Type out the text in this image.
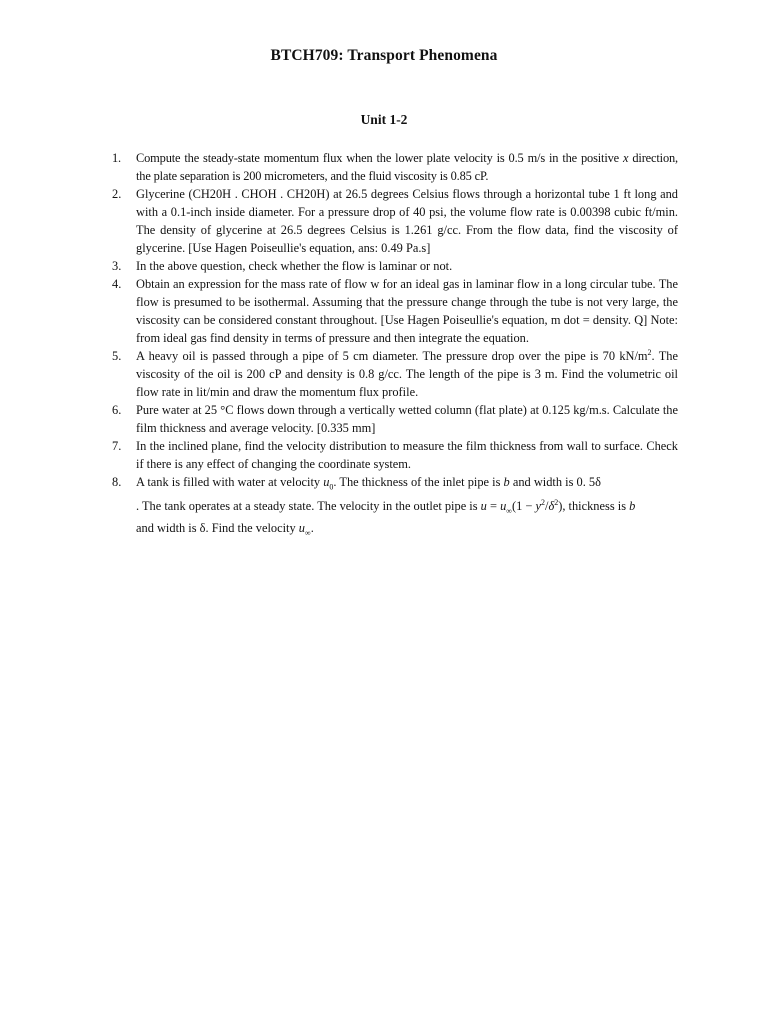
BTCH709: Transport Phenomena
Unit 1-2
1. Compute the steady-state momentum flux when the lower plate velocity is 0.5 m/s in the positive x direction, the plate separation is 200 micrometers, and the fluid viscosity is 0.85 cP.
2. Glycerine (CH20H . CHOH . CH20H) at 26.5 degrees Celsius flows through a horizontal tube 1 ft long and with a 0.1-inch inside diameter. For a pressure drop of 40 psi, the volume flow rate is 0.00398 cubic ft/min. The density of glycerine at 26.5 degrees Celsius is 1.261 g/cc. From the flow data, find the viscosity of glycerine. [Use Hagen Poiseullie's equation, ans: 0.49 Pa.s]
3. In the above question, check whether the flow is laminar or not.
4. Obtain an expression for the mass rate of flow w for an ideal gas in laminar flow in a long circular tube. The flow is presumed to be isothermal. Assuming that the pressure change through the tube is not very large, the viscosity can be considered constant throughout. [Use Hagen Poiseullie's equation, m dot = density. Q] Note: from ideal gas find density in terms of pressure and then integrate the equation.
5. A heavy oil is passed through a pipe of 5 cm diameter. The pressure drop over the pipe is 70 $kN/m^2$. The viscosity of the oil is 200 cP and density is 0.8 g/cc. The length of the pipe is 3 m. Find the volumetric oil flow rate in lit/min and draw the momentum flux profile.
6. Pure water at 25 °C flows down through a vertically wetted column (flat plate) at 0.125 kg/m.s. Calculate the film thickness and average velocity. [0.335 mm]
7. In the inclined plane, find the velocity distribution to measure the film thickness from wall to surface. Check if there is any effect of changing the coordinate system.
8. A tank is filled with water at velocity $u_0$. The thickness of the inlet pipe is b and width is 0. 5δ
. The tank operates at a steady state. The velocity in the outlet pipe is $u = u_\infty(1 - y^2/\delta^2)$, thickness is b
and width is δ. Find the velocity $u_\infty$.
